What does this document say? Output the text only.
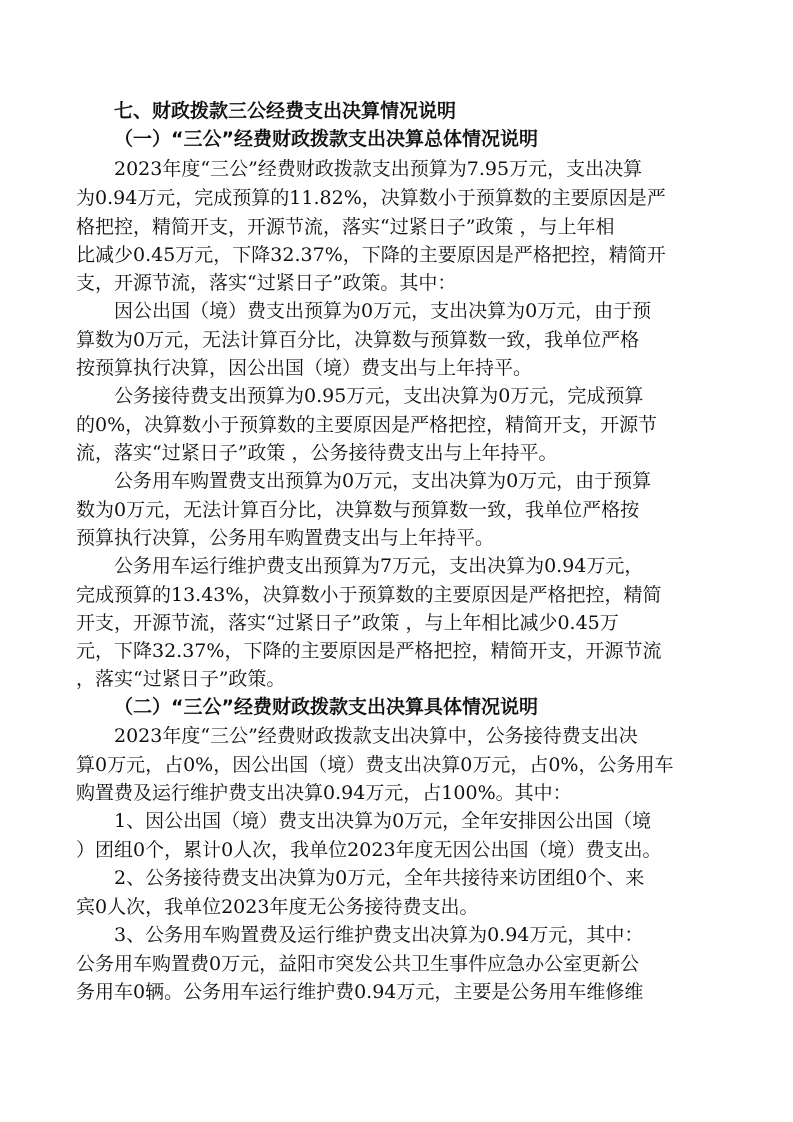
七、财政拨款三公经费支出决算情况说明
（一）“三公”经费财政拨款支出决算总体情况说明
2023年度“三公”经费财政拨款支出预算为7.95万元，支出决算
为0.94万元，完成预算的11.82%，决算数小于预算数的主要原因是严
格把控，精简开支，开源节流，落实“过紧日子”政策 ，与上年相
比减少0.45万元，下降32.37%，下降的主要原因是严格把控，精简开
支，开源节流，落实“过紧日子”政策。其中：
因公出国（境）费支出预算为0万元，支出决算为0万元，由于预
算数为0万元，无法计算百分比，决算数与预算数一致，我单位严格
按预算执行决算，因公出国（境）费支出与上年持平。
公务接待费支出预算为0.95万元，支出决算为0万元，完成预算
的0%，决算数小于预算数的主要原因是严格把控，精简开支，开源节
流，落实“过紧日子”政策 ，公务接待费支出与上年持平。
公务用车购置费支出预算为0万元，支出决算为0万元，由于预算
数为0万元，无法计算百分比，决算数与预算数一致，我单位严格按
预算执行决算，公务用车购置费支出与上年持平。
公务用车运行维护费支出预算为7万元，支出决算为0.94万元，
完成预算的13.43%，决算数小于预算数的主要原因是严格把控，精简
开支，开源节流，落实“过紧日子”政策 ，与上年相比减少0.45万
元，下降32.37%，下降的主要原因是严格把控，精简开支，开源节流
，落实“过紧日子”政策。
（二）“三公”经费财政拨款支出决算具体情况说明
2023年度“三公”经费财政拨款支出决算中，公务接待费支出决
算0万元，占0%，因公出国（境）费支出决算0万元，占0%，公务用车
购置费及运行维护费支出决算0.94万元，占100%。其中：
1、因公出国（境）费支出决算为0万元，全年安排因公出国（境
）团组0个，累计0人次，我单位2023年度无因公出国（境）费支出。
2、公务接待费支出决算为0万元，全年共接待来访团组0个、来
宾0人次，我单位2023年度无公务接待费支出。
3、公务用车购置费及运行维护费支出决算为0.94万元，其中：
公务用车购置费0万元，益阳市突发公共卫生事件应急办公室更新公
务用车0辆。公务用车运行维护费0.94万元，主要是公务用车维修维
